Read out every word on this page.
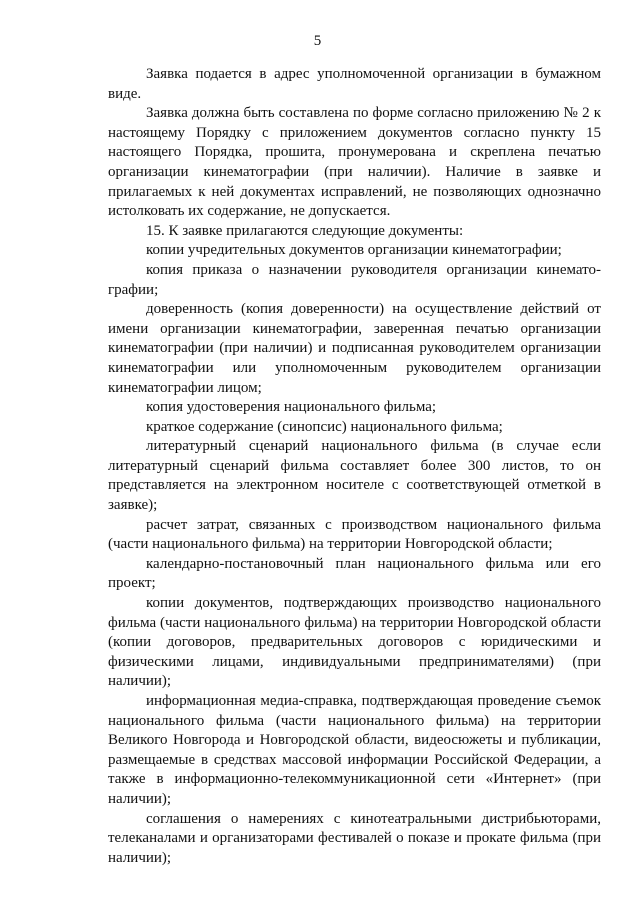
5

Заявка подается в адрес уполномоченной организации в бумажном виде.

Заявка должна быть составлена по форме согласно приложению № 2 к настоящему Порядку с приложением документов согласно пункту 15 настоящего Порядка, прошита, пронумерована и скреплена печатью организации кинематографии (при наличии). Наличие в заявке и прилагаемых к ней документах исправлений, не позволяющих однозначно истолковать их содержание, не допускается.

15. К заявке прилагаются следующие документы:

копии учредительных документов организации кинематографии;

копия приказа о назначении руководителя организации кинематографии;

доверенность (копия доверенности) на осуществление действий от имени организации кинематографии, заверенная печатью организации кинематографии (при наличии) и подписанная руководителем организации кинематографии или уполномоченным руководителем организации кинематографии лицом;

копия удостоверения национального фильма;

краткое содержание (синопсис) национального фильма;

литературный сценарий национального фильма (в случае если литературный сценарий фильма составляет более 300 листов, то он представляется на электронном носителе с соответствующей отметкой в заявке);

расчет затрат, связанных с производством национального фильма (части национального фильма) на территории Новгородской области;

календарно-постановочный план национального фильма или его проект;

копии документов, подтверждающих производство национального фильма (части национального фильма) на территории Новгородской области (копии договоров, предварительных договоров с юридическими и физическими лицами, индивидуальными предпринимателями) (при наличии);

информационная медиа-справка, подтверждающая проведение съемок национального фильма (части национального фильма) на территории Великого Новгорода и Новгородской области, видеосюжеты и публикации, размещаемые в средствах массовой информации Российской Федерации, а также в информационно-телекоммуникационной сети «Интернет» (при наличии);

соглашения о намерениях с кинотеатральными дистрибьюторами, телеканалами и организаторами фестивалей о показе и прокате фильма (при наличии);
